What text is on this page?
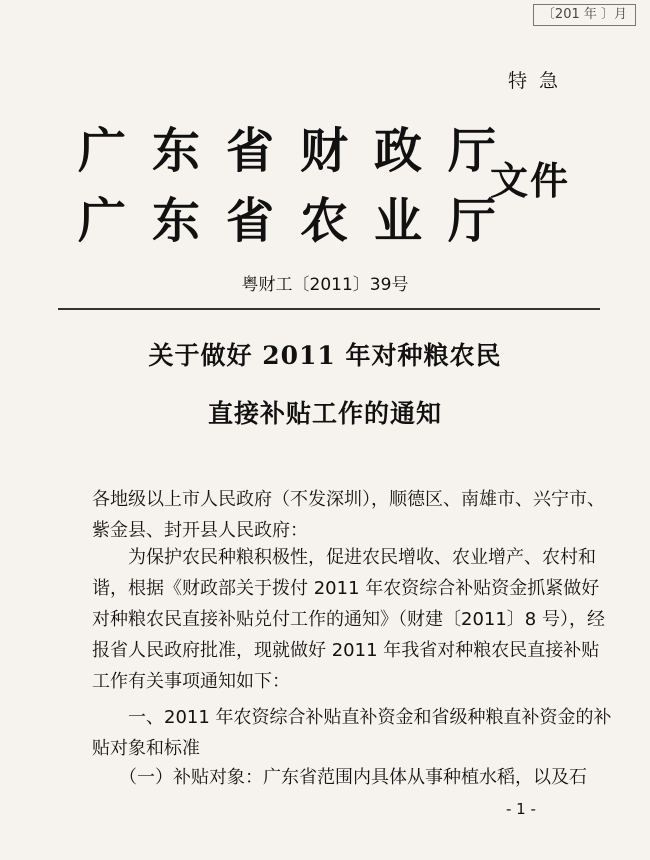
〔201 年 〕月
特急
广东省财政厅
广东省农业厅
文件
粤财工〔2011〕39号
关于做好 2011 年对种粮农民
直接补贴工作的通知
各地级以上市人民政府（不发深圳），顺德区、南雄市、兴宁市、
紫金县、封开县人民政府：
　　为保护农民种粮积极性，促进农民增收、农业增产、农村和
谐，根据《财政部关于拨付 2011 年农资综合补贴资金抓紧做好
对种粮农民直接补贴兑付工作的通知》（财建〔2011〕8 号），经
报省人民政府批准，现就做好 2011 年我省对种粮农民直接补贴
工作有关事项通知如下：
　　一、2011 年农资综合补贴直补资金和省级种粮直补资金的补
贴对象和标准
　　（一）补贴对象：广东省范围内具体从事种植水稻，以及石
- 1 -
